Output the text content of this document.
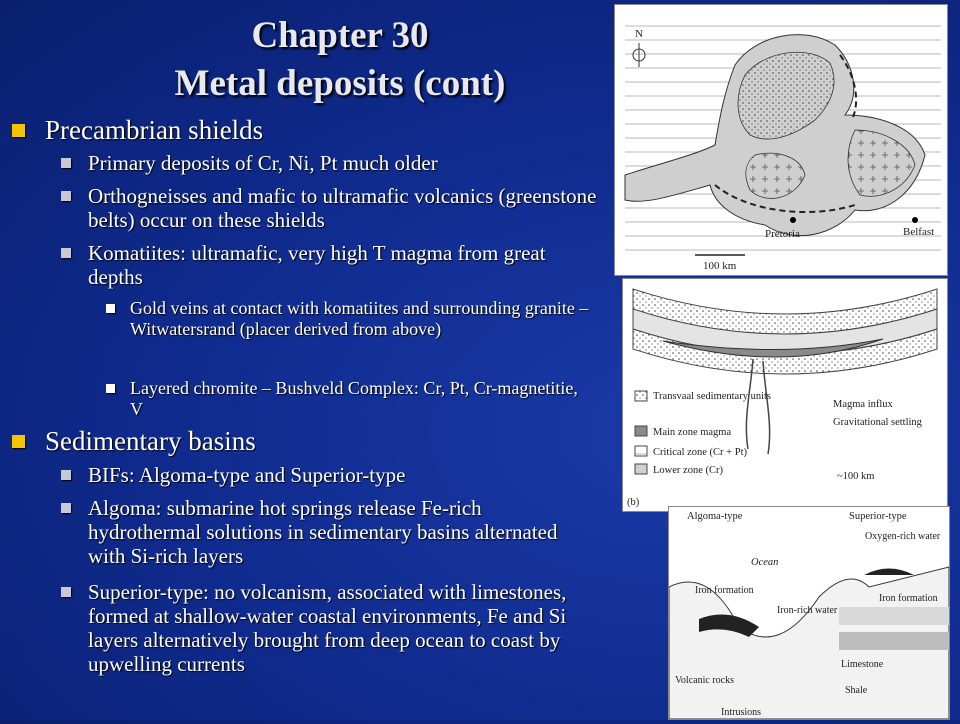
Chapter 30
Metal deposits (cont)
Precambrian shields
Primary deposits of Cr, Ni, Pt much older
Orthogneisses and mafic to ultramafic volcanics (greenstone belts) occur on these shields
Komatiites: ultramafic, very high T magma from great depths
Gold veins at contact with komatiites and surrounding granite – Witwatersrand (placer derived from above)
Layered chromite – Bushveld Complex: Cr, Pt, Cr-magnetitie, V
Sedimentary basins
BIFs: Algoma-type and Superior-type
Algoma: submarine hot springs release Fe-rich hydrothermal solutions in sedimentary basins alternated with Si-rich layers
Superior-type: no volcanism, associated with limestones, formed at shallow-water coastal environments, Fe and Si layers alternatively brought from deep ocean to coast by upwelling currents
Pretoria	Belfast
N
100 km
Transvaal sedimentary units
Main zone magma
Critical zone (Cr + Pt)
Lower zone (Cr)
Magma influx
Gravitational settling
~100 km
(b)
Algoma-type	Superior-type
Ocean
Iron formation
Iron-rich water
Oxygen-rich water
Iron formation
Limestone
Shale
Volcanic rocks
Intrusions
